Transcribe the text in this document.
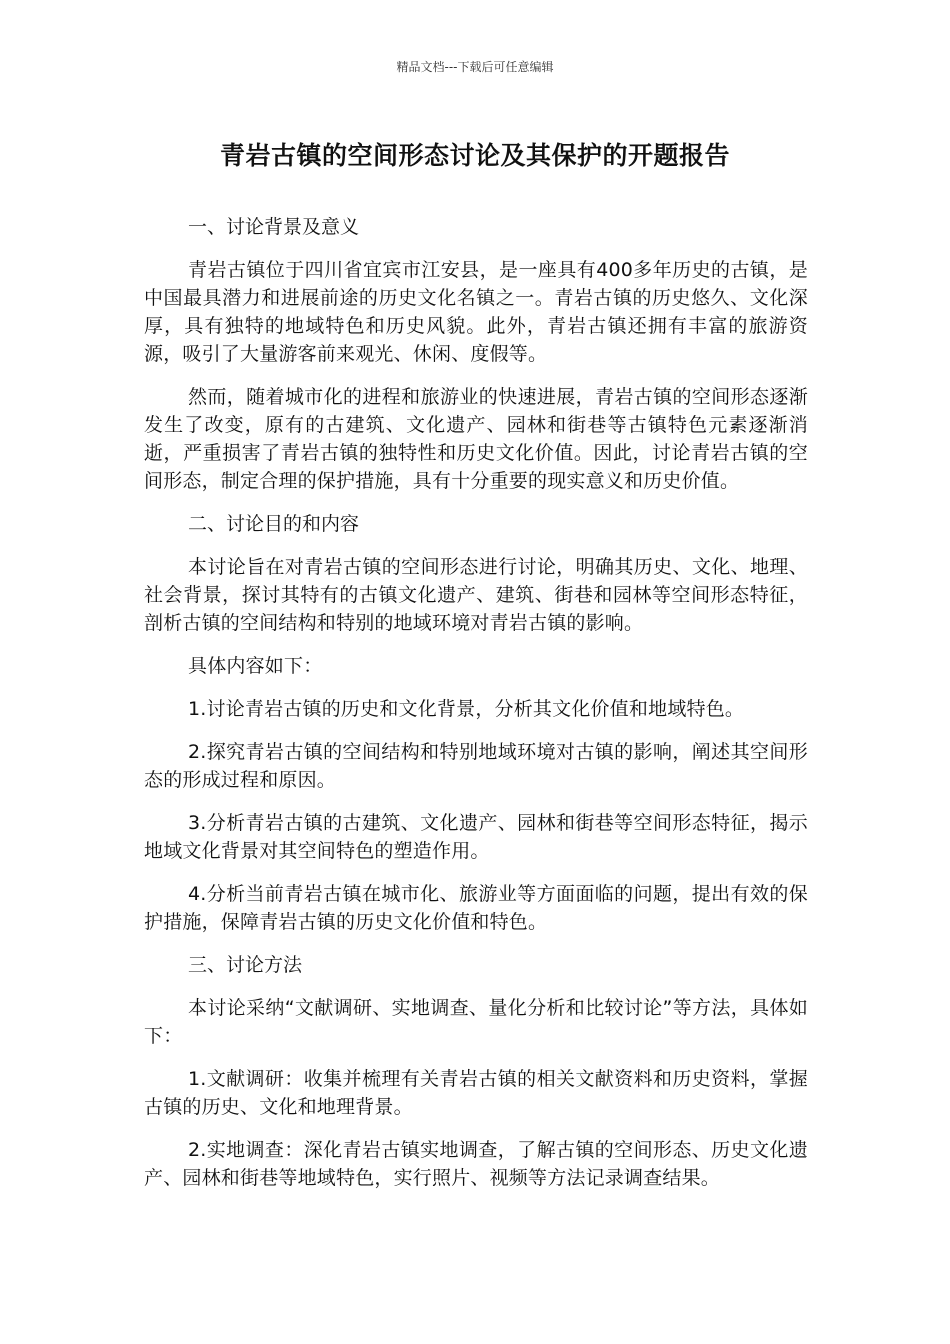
精品文档---下载后可任意编辑
青岩古镇的空间形态讨论及其保护的开题报告
一、讨论背景及意义
青岩古镇位于四川省宜宾市江安县，是一座具有400多年历史的古镇，是中国最具潜力和进展前途的历史文化名镇之一。青岩古镇的历史悠久、文化深厚，具有独特的地域特色和历史风貌。此外，青岩古镇还拥有丰富的旅游资源，吸引了大量游客前来观光、休闲、度假等。
然而，随着城市化的进程和旅游业的快速进展，青岩古镇的空间形态逐渐发生了改变，原有的古建筑、文化遗产、园林和街巷等古镇特色元素逐渐消逝，严重损害了青岩古镇的独特性和历史文化价值。因此，讨论青岩古镇的空间形态，制定合理的保护措施，具有十分重要的现实意义和历史价值。
二、讨论目的和内容
本讨论旨在对青岩古镇的空间形态进行讨论，明确其历史、文化、地理、社会背景，探讨其特有的古镇文化遗产、建筑、街巷和园林等空间形态特征，剖析古镇的空间结构和特别的地域环境对青岩古镇的影响。
具体内容如下：
1.讨论青岩古镇的历史和文化背景，分析其文化价值和地域特色。
2.探究青岩古镇的空间结构和特别地域环境对古镇的影响，阐述其空间形态的形成过程和原因。
3.分析青岩古镇的古建筑、文化遗产、园林和街巷等空间形态特征，揭示地域文化背景对其空间特色的塑造作用。
4.分析当前青岩古镇在城市化、旅游业等方面面临的问题，提出有效的保护措施，保障青岩古镇的历史文化价值和特色。
三、讨论方法
本讨论采纳“文献调研、实地调查、量化分析和比较讨论”等方法，具体如下：
1.文献调研：收集并梳理有关青岩古镇的相关文献资料和历史资料，掌握古镇的历史、文化和地理背景。
2.实地调查：深化青岩古镇实地调查，了解古镇的空间形态、历史文化遗产、园林和街巷等地域特色，实行照片、视频等方法记录调查结果。
